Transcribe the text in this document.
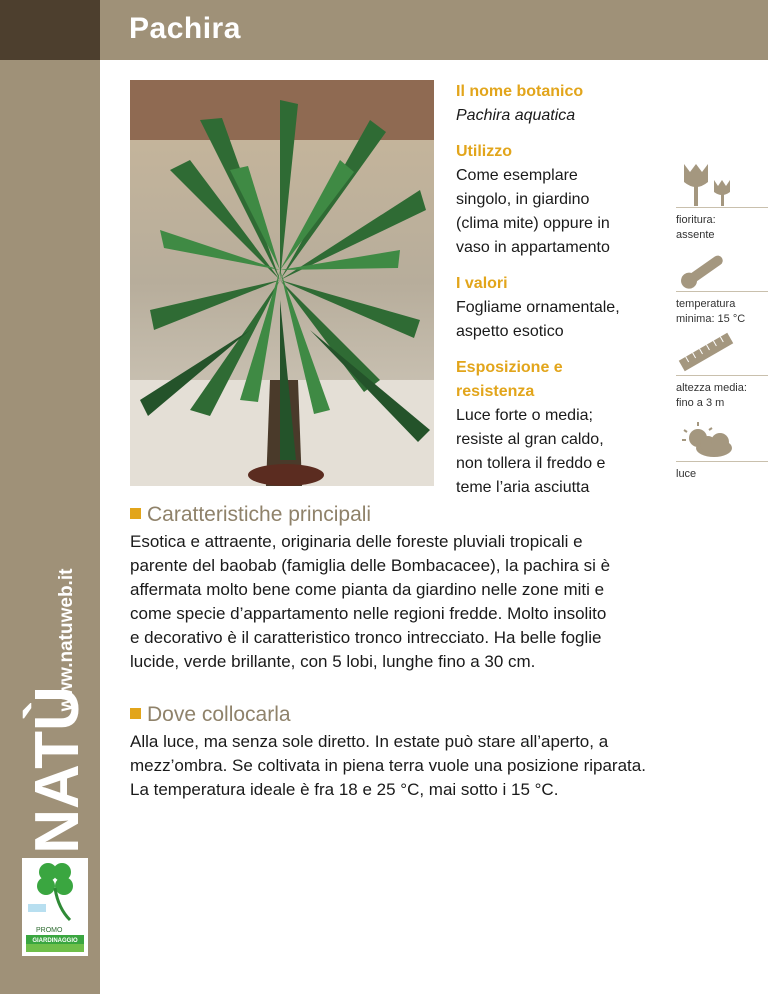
www.natuweb.it
NATÙ
PROMO
GIARDINAGGIO
Pachira
Il nome botanico
Pachira aquatica
Utilizzo
Come esemplare
singolo, in giardino
(clima mite) oppure in
vaso in appartamento
I valori
Fogliame ornamentale,
aspetto esotico
Esposizione e
resistenza
Luce forte o media;
resiste al gran caldo,
non tollera il freddo e
teme l’aria asciutta
fioritura:
assente
temperatura
minima: 15 °C
altezza media:
fino a 3 m
luce
Caratteristiche principali
Esotica e attraente, originaria delle foreste pluviali tropicali e
parente del baobab (famiglia delle Bombacacee), la pachira si è
affermata molto bene come pianta da giardino nelle zone miti e
come specie d’appartamento nelle regioni fredde. Molto insolito
e decorativo è il caratteristico tronco intrecciato. Ha belle foglie
lucide, verde brillante, con 5 lobi, lunghe fino a 30 cm.
Dove collocarla
Alla luce, ma senza sole diretto. In estate può stare all’aperto, a
mezz’ombra. Se coltivata in piena terra vuole una posizione riparata.
La temperatura ideale è fra 18 e 25 °C, mai sotto i 15 °C.
